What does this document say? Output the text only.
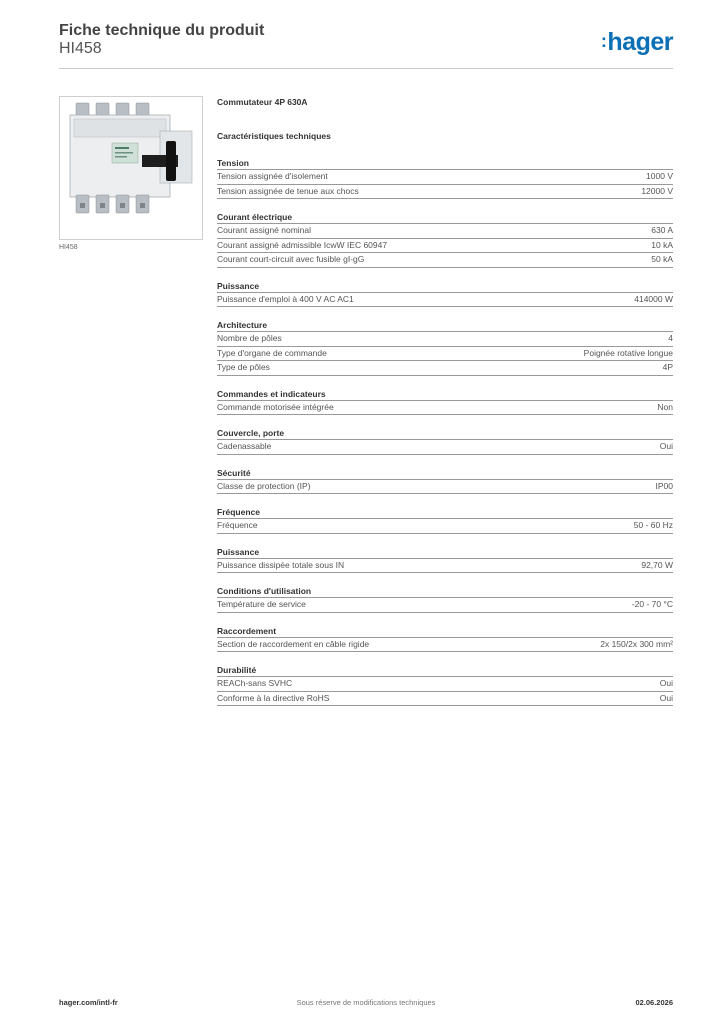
Fiche technique du produit
HI458	:hager
HI458
Commutateur 4P 630A
Caractéristiques techniques
Tension
Tension assignée d'isolement	1000 V
Tension assignée de tenue aux chocs	12000 V
Courant électrique
Courant assigné nominal	630 A
Courant assigné admissible IcwW IEC 60947	10 kA
Courant court-circuit avec fusible gI-gG	50 kA
Puissance
Puissance d'emploi à 400 V AC AC1	414000 W
Architecture
Nombre de pôles	4
Type d'organe de commande	Poignée rotative longue
Type de pôles	4P
Commandes et indicateurs
Commande motorisée intégrée	Non
Couvercle, porte
Cadenassable	Oui
Sécurité
Classe de protection (IP)	IP00
Fréquence
Fréquence	50 - 60 Hz
Puissance
Puissance dissipée totale sous IN	92,70 W
Conditions d'utilisation
Température de service	-20 - 70 °C
Raccordement
Section de raccordement en câble rigide	2x 150/2x 300 mm²
Durabilité
REACh-sans SVHC	Oui
Conforme à la directive RoHS	Oui
hager.com/intl-fr	Sous réserve de modifications techniques	02.06.2026
